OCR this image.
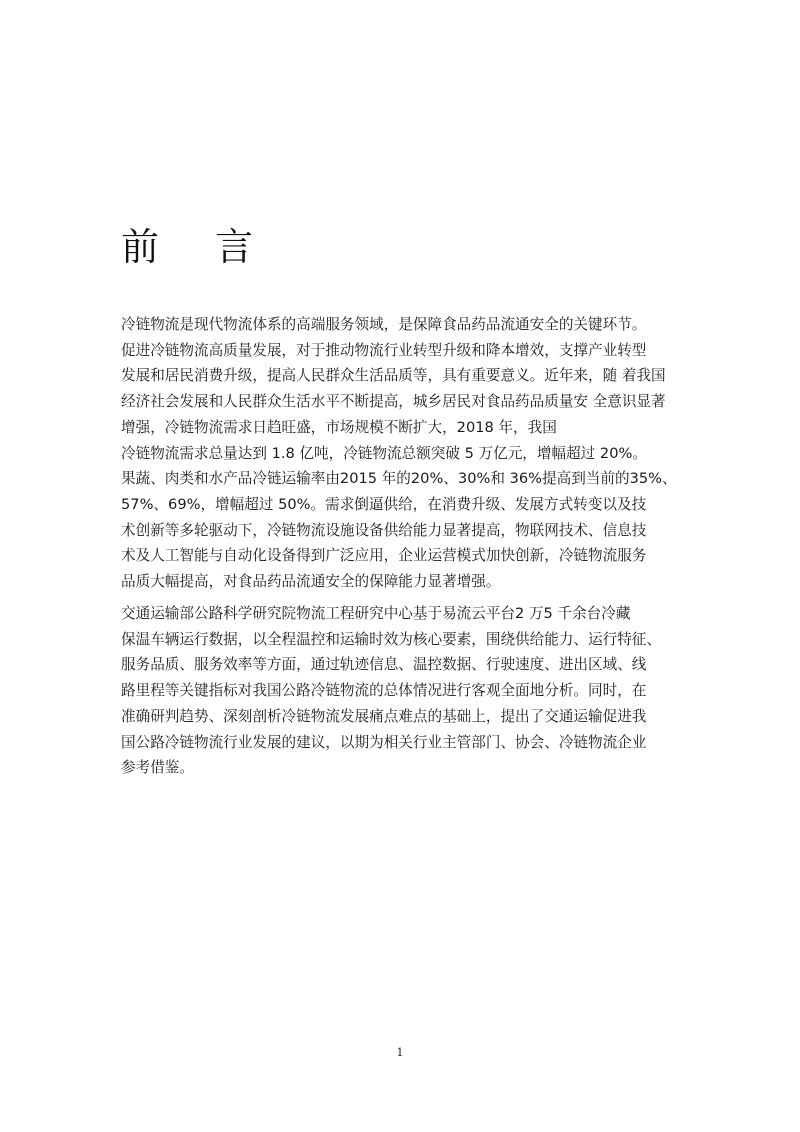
前 言

冷链物流是现代物流体系的高端服务领域，是保障食品药品流通安全的关键环节。
促进冷链物流高质量发展，对于推动物流行业转型升级和降本增效，支撑产业转型
发展和居民消费升级，提高人民群众生活品质等，具有重要意义。近年来，随 着我国
经济社会发展和人民群众生活水平不断提高，城乡居民对食品药品质量安 全意识显著
增强，冷链物流需求日趋旺盛，市场规模不断扩大，2018 年，我国
冷链物流需求总量达到 1.8 亿吨，冷链物流总额突破 5 万亿元，增幅超过 20%。
果蔬、肉类和水产品冷链运输率由2015 年的20%、30%和 36%提高到当前的35%、
57%、69%，增幅超过 50%。需求倒逼供给，在消费升级、发展方式转变以及技
术创新等多轮驱动下，冷链物流设施设备供给能力显著提高，物联网技术、信息技
术及人工智能与自动化设备得到广泛应用，企业运营模式加快创新，冷链物流服务
品质大幅提高，对食品药品流通安全的保障能力显著增强。

交通运输部公路科学研究院物流工程研究中心基于易流云平台2 万5 千余台冷藏
保温车辆运行数据，以全程温控和运输时效为核心要素，围绕供给能力、运行特征、
服务品质、服务效率等方面，通过轨迹信息、温控数据、行驶速度、进出区域、线
路里程等关键指标对我国公路冷链物流的总体情况进行客观全面地分析。同时，在
准确研判趋势、深刻剖析冷链物流发展痛点难点的基础上，提出了交通运输促进我
国公路冷链物流行业发展的建议，以期为相关行业主管部门、协会、冷链物流企业
参考借鉴。

1
